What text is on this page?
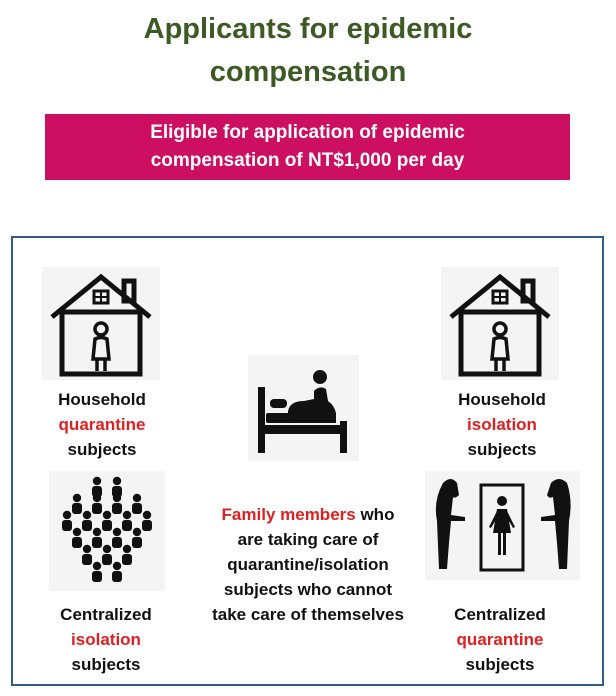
Applicants for epidemic
compensation
Eligible for application of epidemic
compensation of NT$1,000 per day
Household
quarantine
subjects
Household
isolation
subjects
Centralized
isolation
subjects
Centralized
quarantine
subjects
Family members who
are taking care of
quarantine/isolation
subjects who cannot
take care of themselves
